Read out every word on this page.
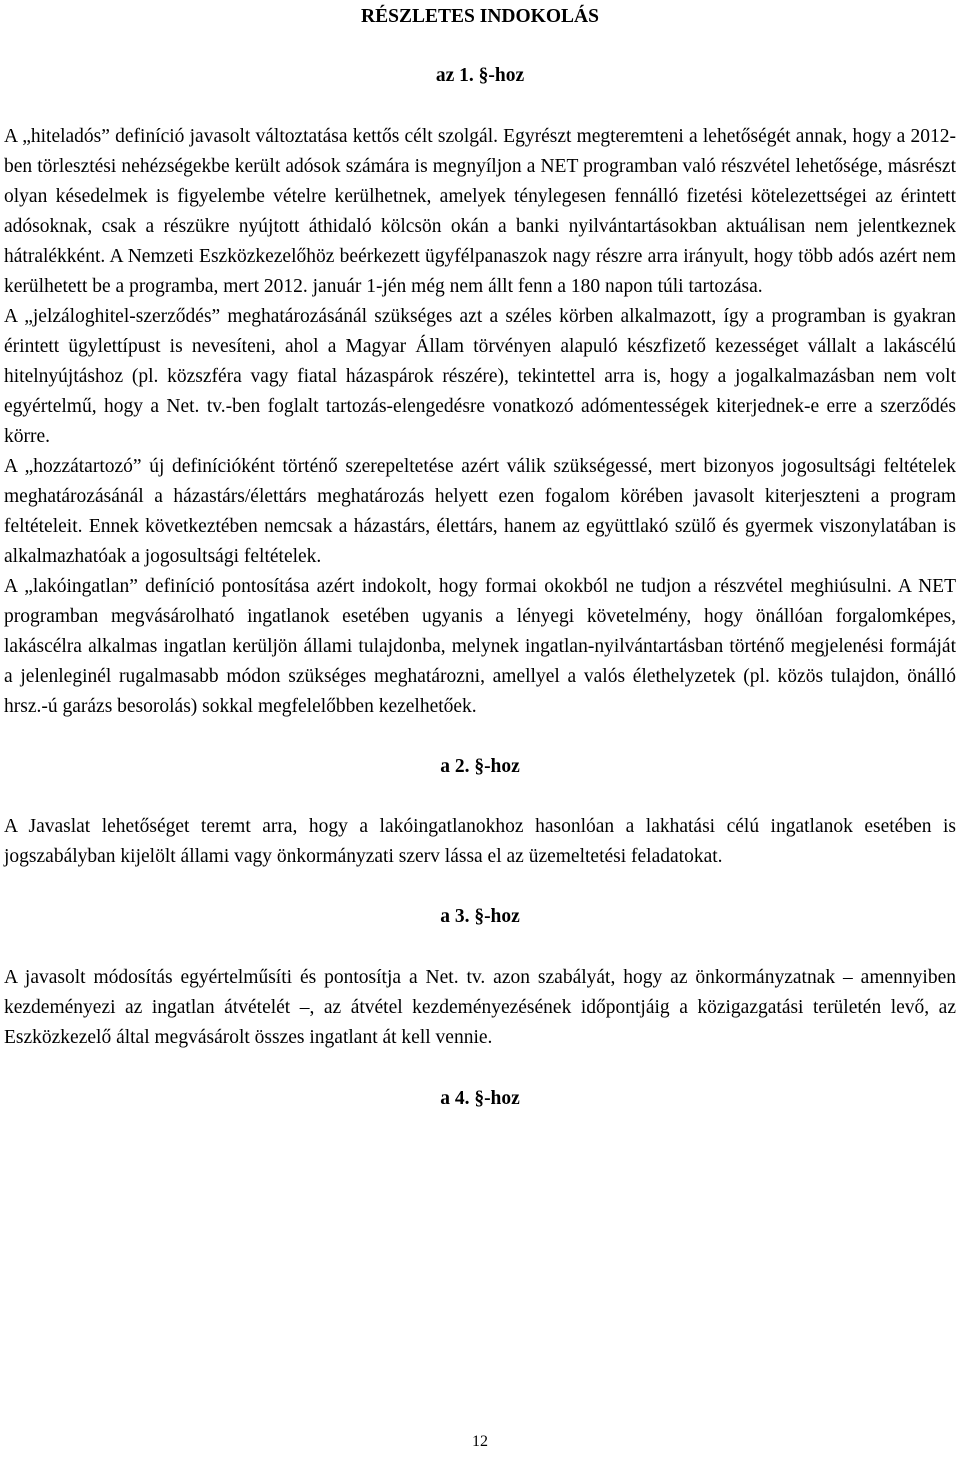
RÉSZLETES INDOKOLÁS
az 1. §-hoz

A „hiteladós” definíció javasolt változtatása kettős célt szolgál. Egyrészt megteremteni a lehetőségét annak, hogy a 2012-ben törlesztési nehézségekbe került adósok számára is megnyíljon a NET programban való részvétel lehetősége, másrészt olyan késedelmek is figyelembe vételre kerülhetnek, amelyek ténylegesen fennálló fizetési kötelezettségei az érintett adósoknak, csak a részükre nyújtott áthidaló kölcsön okán a banki nyilvántartásokban aktuálisan nem jelentkeznek hátralékként. A Nemzeti Eszközkezelőhöz beérkezett ügyfélpanaszok nagy részre arra irányult, hogy több adós azért nem kerülhetett be a programba, mert 2012. január 1-jén még nem állt fenn a 180 napon túli tartozása.

A „jelzáloghitel-szerződés” meghatározásánál szükséges azt a széles körben alkalmazott, így a programban is gyakran érintett ügylettípust is nevesíteni, ahol a Magyar Állam törvényen alapuló készfizető kezességet vállalt a lakáscélú hitelnyújtáshoz (pl. közszféra vagy fiatal házaspárok részére), tekintettel arra is, hogy a jogalkalmazásban nem volt egyértelmű, hogy a Net. tv.-ben foglalt tartozás-elengedésre vonatkozó adómentességek kiterjednek-e erre a szerződés körre.

A „hozzátartozó” új definícióként történő szerepeltetése azért válik szükségessé, mert bizonyos jogosultsági feltételek meghatározásánál a házastárs/élettárs meghatározás helyett ezen fogalom körében javasolt kiterjeszteni a program feltételeit. Ennek következtében nemcsak a házastárs, élettárs, hanem az együttlakó szülő és gyermek viszonylatában is alkalmazhatóak a jogosultsági feltételek.

A „lakóingatlan” definíció pontosítása azért indokolt, hogy formai okokból ne tudjon a részvétel meghiúsulni. A NET programban megvásárolható ingatlanok esetében ugyanis a lényegi követelmény, hogy önállóan forgalomképes, lakáscélra alkalmas ingatlan kerüljön állami tulajdonba, melynek ingatlan-nyilvántartásban történő megjelenési formáját a jelenleginél rugalmasabb módon szükséges meghatározni, amellyel a valós élethelyzetek (pl. közös tulajdon, önálló hrsz.-ú garázs besorolás) sokkal megfelelőbben kezelhetőek.

a 2. §-hoz

A Javaslat lehetőséget teremt arra, hogy a lakóingatlanokhoz hasonlóan a lakhatási célú ingatlanok esetében is jogszabályban kijelölt állami vagy önkormányzati szerv lássa el az üzemeltetési feladatokat.

a 3. §-hoz

A javasolt módosítás egyértelműsíti és pontosítja a Net. tv. azon szabályát, hogy az önkormányzatnak – amennyiben kezdeményezi az ingatlan átvételét –, az átvétel kezdeményezésének időpontjáig a közigazgatási területén levő, az Eszközkezelő által megvásárolt összes ingatlant át kell vennie.

a 4. §-hoz
12
